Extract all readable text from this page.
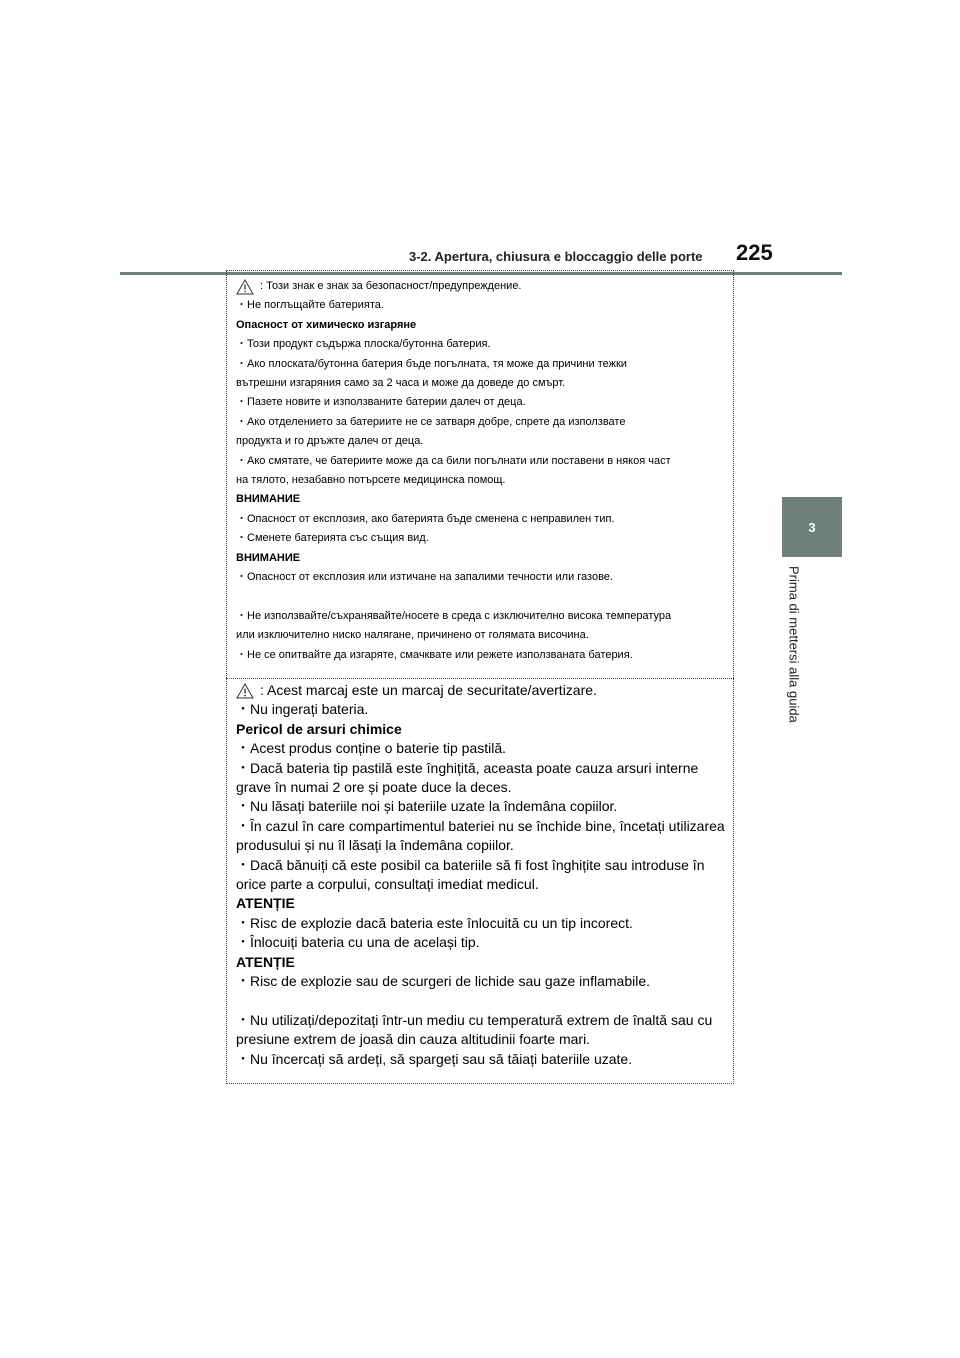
3-2. Apertura, chiusura e bloccaggio delle porte 225
3
Prima di mettersi alla guida
: Този знак е знак за безопасност/предупреждение.

・Не поглъщайте батерията.

Опасност от химическо изгаряне

・Този продукт съдържа плоска/бутонна батерия.

・Ако плоската/бутонна батерия бъде погълната, тя може да причини тежки

вътрешни изгаряния само за 2 часа и може да доведе до смърт.

・Пазете новите и използваните батерии далеч от деца.

・Ако отделението за батериите не се затваря добре, спрете да използвате

продукта и го дръжте далеч от деца.

・Ако смятате, че батериите може да са били погълнати или поставени в някоя част

на тялото, незабавно потърсете медицинска помощ.

ВНИМАНИЕ

・Опасност от експлозия, ако батерията бъде сменена с неправилен тип.

・Сменете батерията със същия вид.

ВНИМАНИЕ

・Опасност от експлозия или изтичане на запалими течности или газове.

・Не използвайте/съхранявайте/носете в среда с изключително висока температура

или изключително ниско налягане, причинено от голямата височина.

・Не се опитвайте да изгаряте, смачквате или режете използваната батерия.

: Acest marcaj este un marcaj de securitate/avertizare.

・Nu ingerați bateria.

Pericol de arsuri chimice

・Acest produs conține o baterie tip pastilă.

・Dacă bateria tip pastilă este înghițită, aceasta poate cauza arsuri interne

grave în numai 2 ore și poate duce la deces.

・Nu lăsați bateriile noi și bateriile uzate la îndemâna copiilor.

・În cazul în care compartimentul bateriei nu se închide bine, încetați utilizarea

produsului și nu îl lăsați la îndemâna copiilor.

・Dacă bănuiți că este posibil ca bateriile să fi fost înghițite sau introduse în

orice parte a corpului, consultați imediat medicul.

ATENȚIE

・Risc de explozie dacă bateria este înlocuită cu un tip incorect.

・Înlocuiți bateria cu una de același tip.

ATENȚIE

・Risc de explozie sau de scurgeri de lichide sau gaze inflamabile.

・Nu utilizați/depozitați într-un mediu cu temperatură extrem de înaltă sau cu

presiune extrem de joasă din cauza altitudinii foarte mari.

・Nu încercați să ardeți, să spargeți sau să tăiați bateriile uzate.
